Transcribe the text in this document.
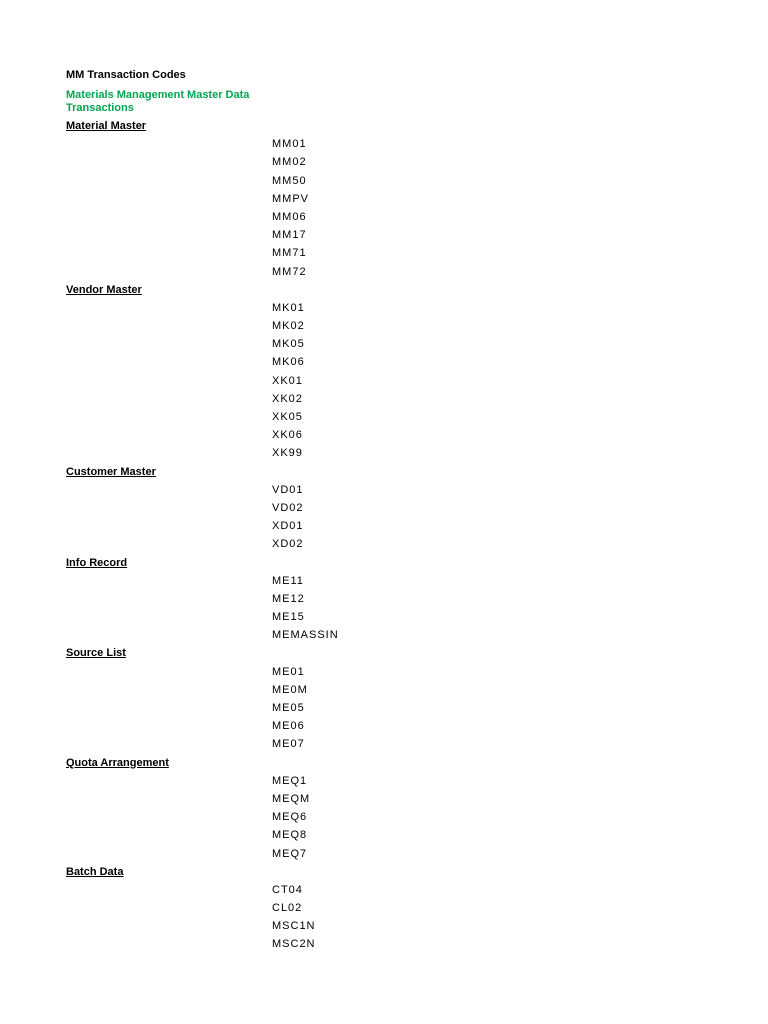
MM Transaction Codes
Materials Management Master Data Transactions
Material Master
MM01
MM02
MM50
MMPV
MM06
MM17
MM71
MM72
Vendor Master
MK01
MK02
MK05
MK06
XK01
XK02
XK05
XK06
XK99
Customer Master
VD01
VD02
XD01
XD02
Info Record
ME11
ME12
ME15
MEMASSIN
Source List
ME01
ME0M
ME05
ME06
ME07
Quota Arrangement
MEQ1
MEQM
MEQ6
MEQ8
MEQ7
Batch Data
CT04
CL02
MSC1N
MSC2N
